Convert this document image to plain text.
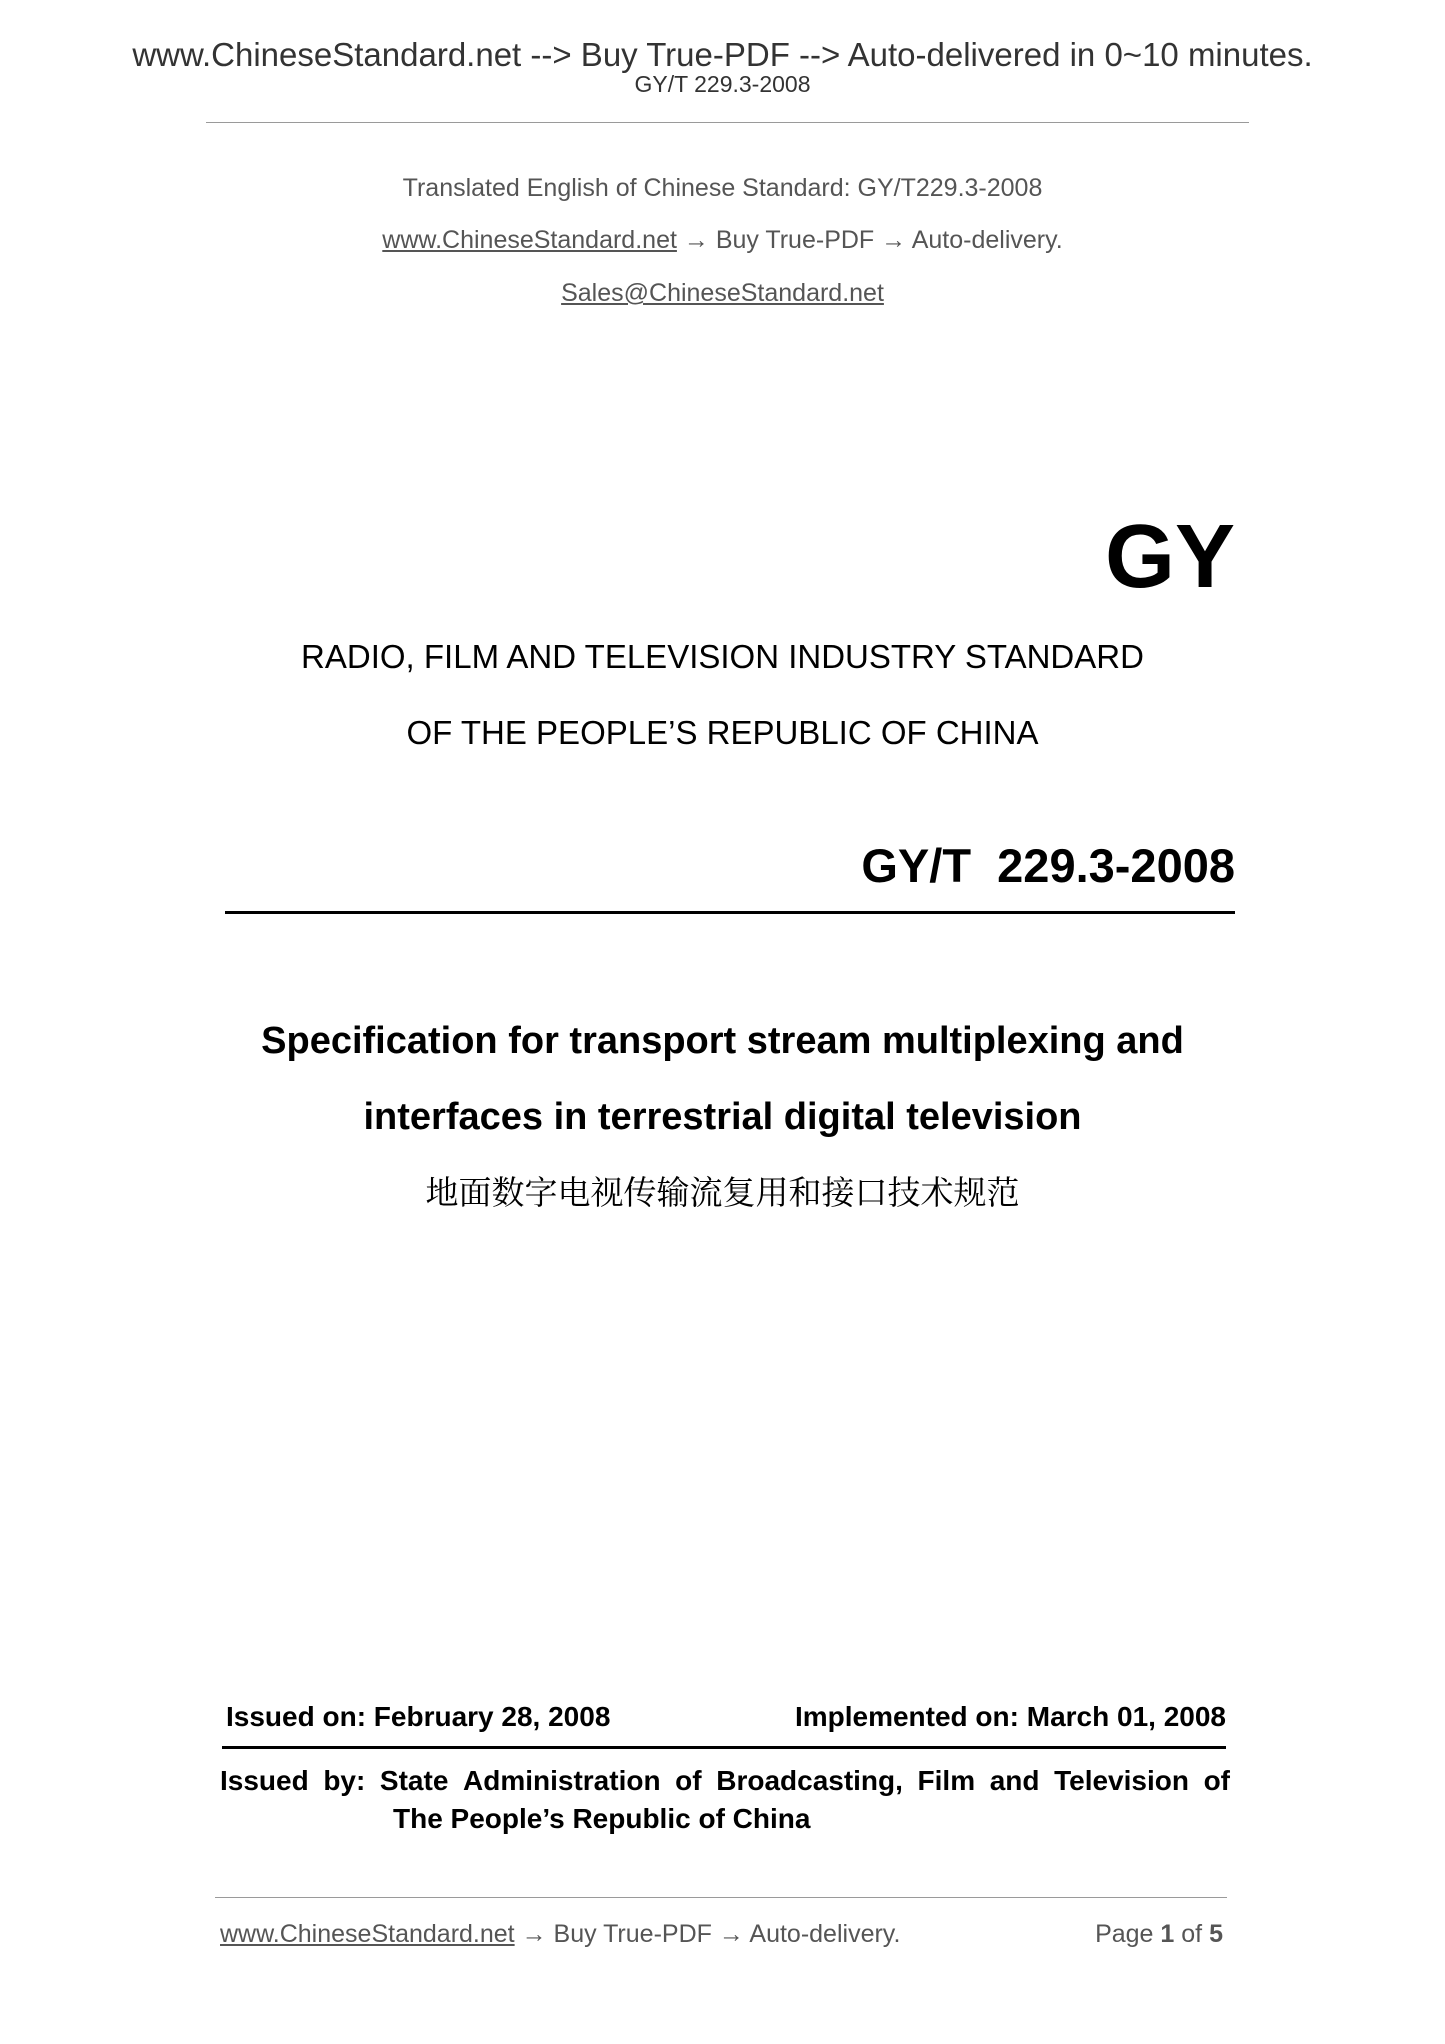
www.ChineseStandard.net --> Buy True-PDF --> Auto-delivered in 0~10 minutes.
GY/T 229.3-2008
Translated English of Chinese Standard: GY/T229.3-2008
www.ChineseStandard.net → Buy True-PDF → Auto-delivery.
Sales@ChineseStandard.net
GY
RADIO, FILM AND TELEVISION INDUSTRY STANDARD
OF THE PEOPLE’S REPUBLIC OF CHINA
GY/T  229.3-2008
Specification for transport stream multiplexing and
interfaces in terrestrial digital television
地面数字电视传输流复用和接口技术规范
Issued on: February 28, 2008	Implemented on: March 01, 2008
Issued by: State Administration of Broadcasting, Film and Television of
The People’s Republic of China
www.ChineseStandard.net → Buy True-PDF → Auto-delivery.	Page 1 of 5
